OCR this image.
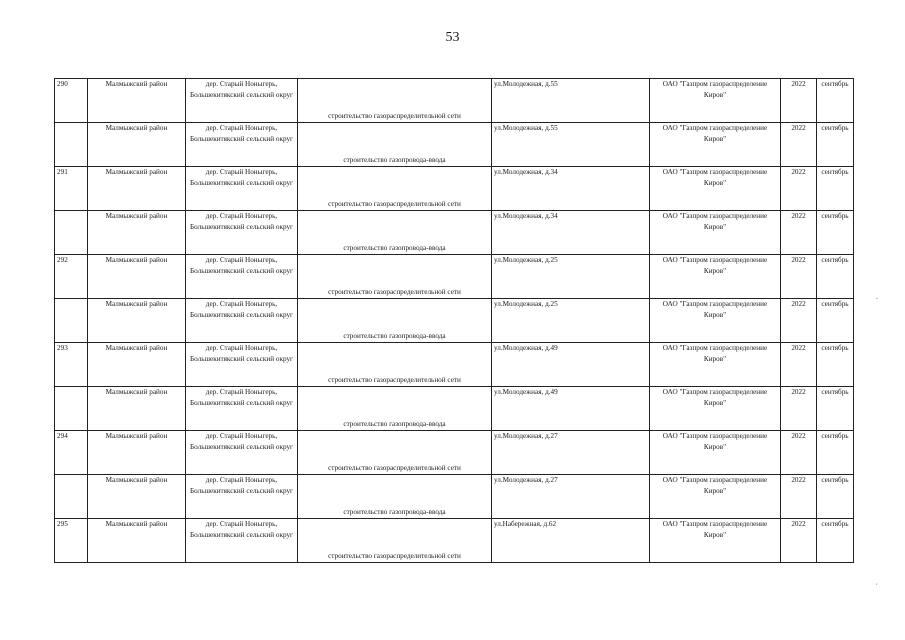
53
290	Малмыжский район	дер. Старый Ноныгерь, Большекитякский сельский округ	строительство газораспределительной сети	ул.Молодежная, д.55	ОАО "Газпром газораспределение Киров"	2022	сентябрь
	Малмыжский район	дер. Старый Ноныгерь, Большекитякский сельский округ	строительство газопровода-ввода	ул.Молодежная, д.55	ОАО "Газпром газораспределение Киров"	2022	сентябрь
291	Малмыжский район	дер. Старый Ноныгерь, Большекитякский сельский округ	строительство газораспределительной сети	ул.Молодежная, д.34	ОАО "Газпром газораспределение Киров"	2022	сентябрь
	Малмыжский район	дер. Старый Ноныгерь, Большекитякский сельский округ	строительство газопровода-ввода	ул.Молодежная, д.34	ОАО "Газпром газораспределение Киров"	2022	сентябрь
292	Малмыжский район	дер. Старый Ноныгерь, Большекитякский сельский округ	строительство газораспределительной сети	ул.Молодежная, д.25	ОАО "Газпром газораспределение Киров"	2022	сентябрь
	Малмыжский район	дер. Старый Ноныгерь, Большекитякский сельский округ	строительство газопровода-ввода	ул.Молодежная, д.25	ОАО "Газпром газораспределение Киров"	2022	сентябрь
293	Малмыжский район	дер. Старый Ноныгерь, Большекитякский сельский округ	строительство газораспределительной сети	ул.Молодежная, д.49	ОАО "Газпром газораспределение Киров"	2022	сентябрь
	Малмыжский район	дер. Старый Ноныгерь, Большекитякский сельский округ	строительство газопровода-ввода	ул.Молодежная, д.49	ОАО "Газпром газораспределение Киров"	2022	сентябрь
294	Малмыжский район	дер. Старый Ноныгерь, Большекитякский сельский округ	строительство газораспределительной сети	ул.Молодежная, д.27	ОАО "Газпром газораспределение Киров"	2022	сентябрь
	Малмыжский район	дер. Старый Ноныгерь, Большекитякский сельский округ	строительство газопровода-ввода	ул.Молодежная, д.27	ОАО "Газпром газораспределение Киров"	2022	сентябрь
295	Малмыжский район	дер. Старый Ноныгерь, Большекитякский сельский округ	строительство газораспределительной сети	ул.Набережная, д.62	ОАО "Газпром газораспределение Киров"	2022	сентябрь
-
,
